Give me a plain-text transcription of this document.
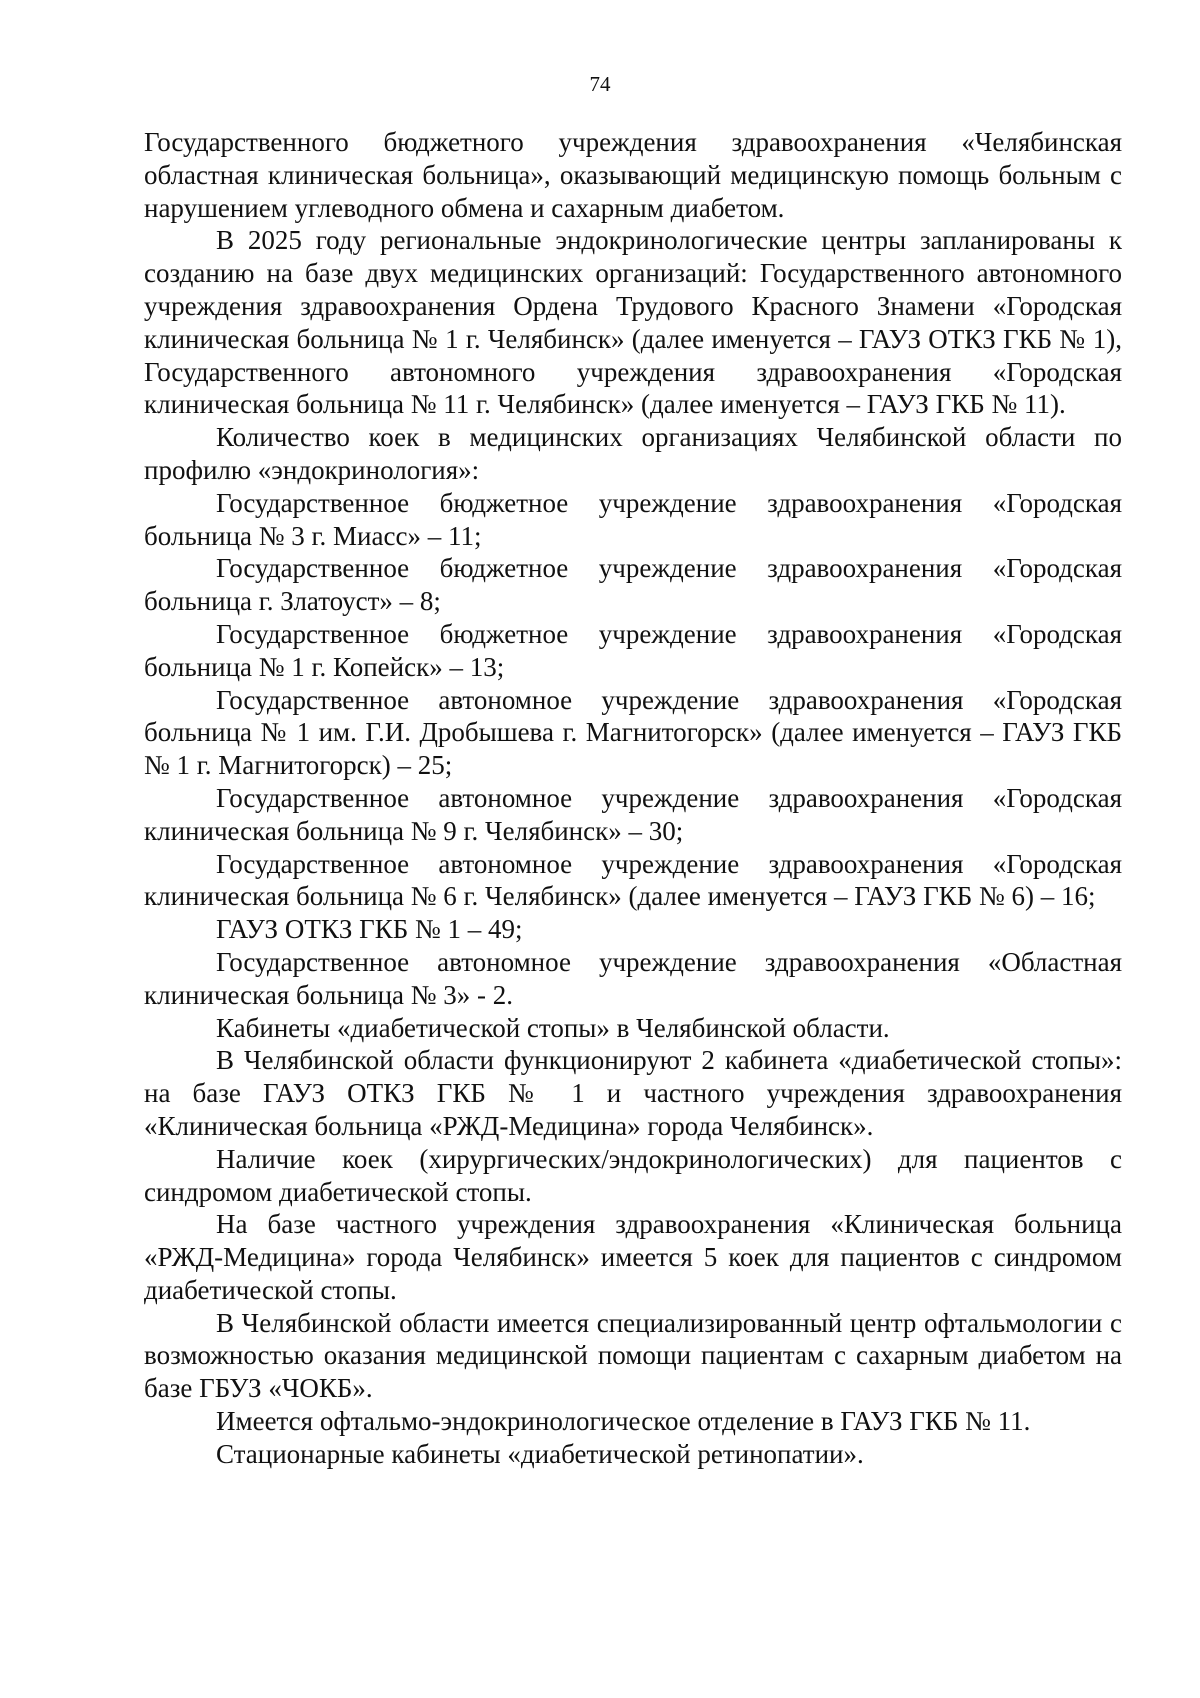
74

Государственного бюджетного учреждения здравоохранения «Челябинская областная клиническая больница», оказывающий медицинскую помощь больным с нарушением углеводного обмена и сахарным диабетом.

В 2025 году региональные эндокринологические центры запланированы к созданию на базе двух медицинских организаций: Государственного автономного учреждения здравоохранения Ордена Трудового Красного Знамени «Городская клиническая больница № 1 г. Челябинск» (далее именуется – ГАУЗ ОТКЗ ГКБ № 1), Государственного автономного учреждения здравоохранения «Городская клиническая больница № 11 г. Челябинск» (далее именуется – ГАУЗ ГКБ № 11).

Количество коек в медицинских организациях Челябинской области по профилю «эндокринология»:

Государственное бюджетное учреждение здравоохранения «Городская больница № 3 г. Миасс» – 11;

Государственное бюджетное учреждение здравоохранения «Городская больница г. Златоуст» – 8;

Государственное бюджетное учреждение здравоохранения «Городская больница № 1 г. Копейск» – 13;

Государственное автономное учреждение здравоохранения «Городская больница № 1 им. Г.И. Дробышева г. Магнитогорск» (далее именуется – ГАУЗ ГКБ № 1 г. Магнитогорск) – 25;

Государственное автономное учреждение здравоохранения «Городская клиническая больница № 9 г. Челябинск» – 30;

Государственное автономное учреждение здравоохранения «Городская клиническая больница № 6 г. Челябинск» (далее именуется – ГАУЗ ГКБ № 6) – 16;

ГАУЗ ОТКЗ ГКБ № 1 – 49;

Государственное автономное учреждение здравоохранения «Областная клиническая больница № 3» - 2.

Кабинеты «диабетической стопы» в Челябинской области.

В Челябинской области функционируют 2 кабинета «диабетической стопы»: на базе ГАУЗ ОТКЗ ГКБ № 1 и частного учреждения здравоохранения «Клиническая больница «РЖД-Медицина» города Челябинск».

Наличие коек (хирургических/эндокринологических) для пациентов с синдромом диабетической стопы.

На базе частного учреждения здравоохранения «Клиническая больница «РЖД-Медицина» города Челябинск» имеется 5 коек для пациентов с синдромом диабетической стопы.

В Челябинской области имеется специализированный центр офтальмологии с возможностью оказания медицинской помощи пациентам с сахарным диабетом на базе ГБУЗ «ЧОКБ».

Имеется офтальмо-эндокринологическое отделение в ГАУЗ ГКБ № 11.

Стационарные кабинеты «диабетической ретинопатии».
